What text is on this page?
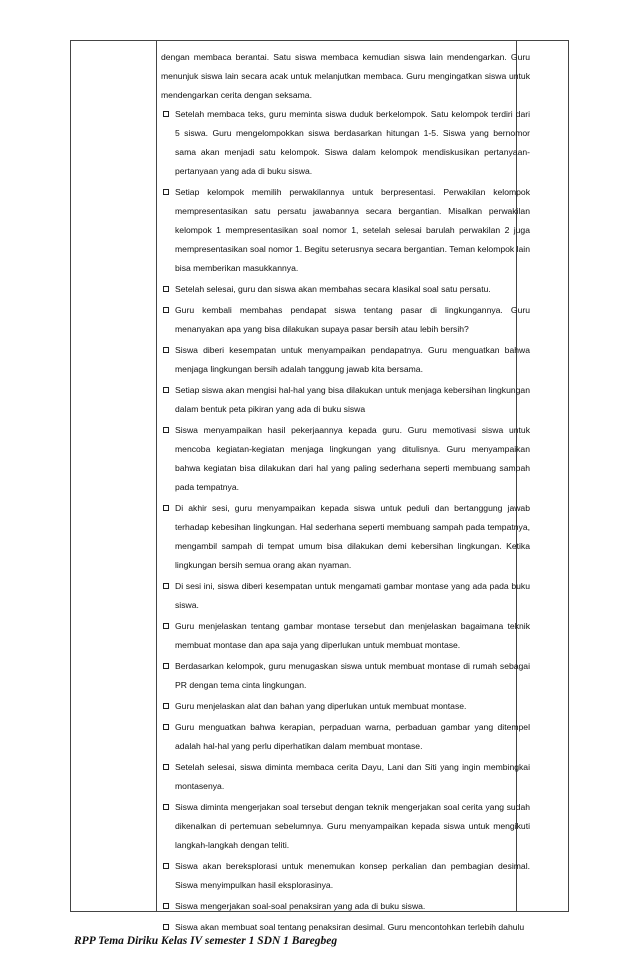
dengan membaca berantai. Satu siswa membaca kemudian siswa lain mendengarkan. Guru menunjuk siswa lain secara acak untuk melanjutkan membaca. Guru mengingatkan siswa untuk mendengarkan cerita dengan seksama.

Setelah membaca teks, guru meminta siswa duduk berkelompok. Satu kelompok terdiri dari 5 siswa. Guru mengelompokkan siswa berdasarkan hitungan 1-5. Siswa yang bernomor sama akan menjadi satu kelompok. Siswa dalam kelompok mendiskusikan pertanyaan-pertanyaan yang ada di buku siswa.

Setiap kelompok memilih perwakilannya untuk berpresentasi. Perwakilan kelompok mempresentasikan satu persatu jawabannya secara bergantian. Misalkan perwakilan kelompok 1 mempresentasikan soal nomor 1, setelah selesai barulah perwakilan 2 juga mempresentasikan soal nomor 1. Begitu seterusnya secara bergantian. Teman kelompok lain bisa memberikan masukkannya.

Setelah selesai, guru dan siswa akan membahas secara klasikal soal satu persatu.

Guru kembali membahas pendapat siswa tentang pasar di lingkungannya. Guru menanyakan apa yang bisa dilakukan supaya pasar bersih atau lebih bersih?

Siswa diberi kesempatan untuk menyampaikan pendapatnya. Guru menguatkan bahwa menjaga lingkungan bersih adalah tanggung jawab kita bersama.

Setiap siswa akan mengisi hal-hal yang bisa dilakukan untuk menjaga kebersihan lingkungan dalam bentuk peta pikiran yang ada di buku siswa

Siswa menyampaikan hasil pekerjaannya kepada guru. Guru memotivasi siswa untuk mencoba kegiatan-kegiatan menjaga lingkungan yang ditulisnya. Guru menyampaikan bahwa kegiatan bisa dilakukan dari hal yang paling sederhana seperti membuang sampah pada tempatnya.

Di akhir sesi, guru menyampaikan kepada siswa untuk peduli dan bertanggung jawab terhadap kebesihan lingkungan. Hal sederhana seperti membuang sampah pada tempatnya, mengambil sampah di tempat umum bisa dilakukan demi kebersihan lingkungan. Ketika lingkungan bersih semua orang akan nyaman.

Di sesi ini, siswa diberi kesempatan untuk mengamati gambar montase yang ada pada buku siswa.

Guru menjelaskan tentang gambar montase tersebut dan menjelaskan bagaimana teknik membuat montase dan apa saja yang diperlukan untuk membuat montase.

Berdasarkan kelompok, guru menugaskan siswa untuk membuat montase di rumah sebagai PR dengan tema cinta lingkungan.

Guru menjelaskan alat dan bahan yang diperlukan untuk membuat montase.

Guru menguatkan bahwa kerapian, perpaduan warna, perbaduan gambar yang ditempel adalah hal-hal yang perlu diperhatikan dalam membuat montase.

Setelah selesai, siswa diminta membaca cerita Dayu, Lani dan Siti yang ingin membingkai montasenya.

Siswa diminta mengerjakan soal tersebut dengan teknik mengerjakan soal cerita yang sudah dikenalkan di pertemuan sebelumnya. Guru menyampaikan kepada siswa untuk mengikuti langkah-langkah dengan teliti.

Siswa akan bereksplorasi untuk menemukan konsep perkalian dan pembagian desimal. Siswa menyimpulkan hasil eksplorasinya.

Siswa mengerjakan soal-soal penaksiran yang ada di buku siswa.

Siswa akan membuat soal tentang penaksiran desimal. Guru mencontohkan terlebih dahulu

RPP Tema Diriku Kelas IV semester 1 SDN 1 Baregbeg
